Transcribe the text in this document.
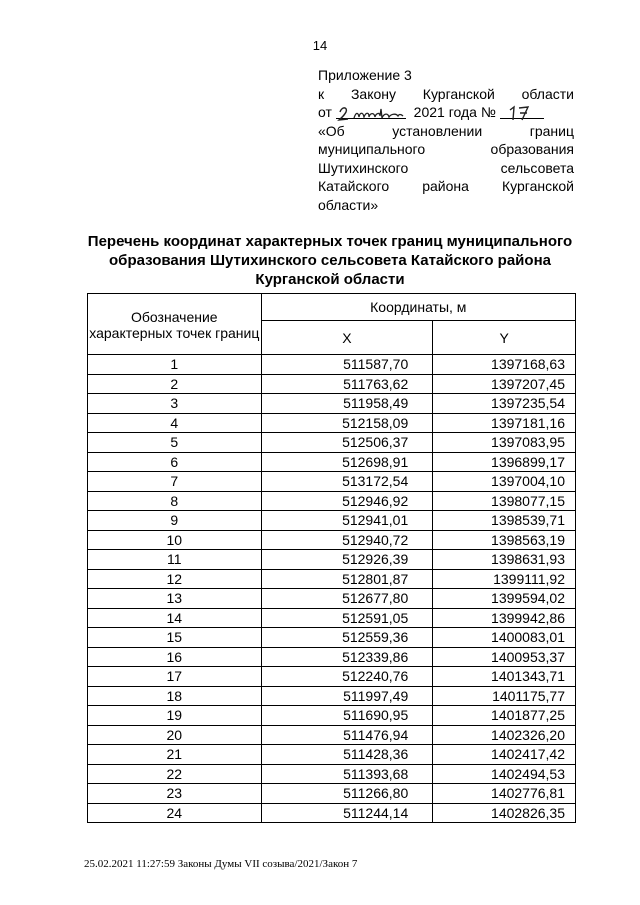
14
Приложение 3
к Закону Курганской области
от	2021 года №
«Об установлении границ
муниципального образования
Шутихинского сельсовета
Катайского района Курганской
области»
Перечень координат характерных точек границ муниципального
образования Шутихинского сельсовета Катайского района
Курганской области
Обозначение характерных точек границ	Координаты, м	
	X	Y
1	511587,70	1397168,63
2	511763,62	1397207,45
3	511958,49	1397235,54
4	512158,09	1397181,16
5	512506,37	1397083,95
6	512698,91	1396899,17
7	513172,54	1397004,10
8	512946,92	1398077,15
9	512941,01	1398539,71
10	512940,72	1398563,19
11	512926,39	1398631,93
12	512801,87	1399111,92
13	512677,80	1399594,02
14	512591,05	1399942,86
15	512559,36	1400083,01
16	512339,86	1400953,37
17	512240,76	1401343,71
18	511997,49	1401175,77
19	511690,95	1401877,25
20	511476,94	1402326,20
21	511428,36	1402417,42
22	511393,68	1402494,53
23	511266,80	1402776,81
24	511244,14	1402826,35
25.02.2021 11:27:59 Законы Думы VII созыва/2021/Закон 7
